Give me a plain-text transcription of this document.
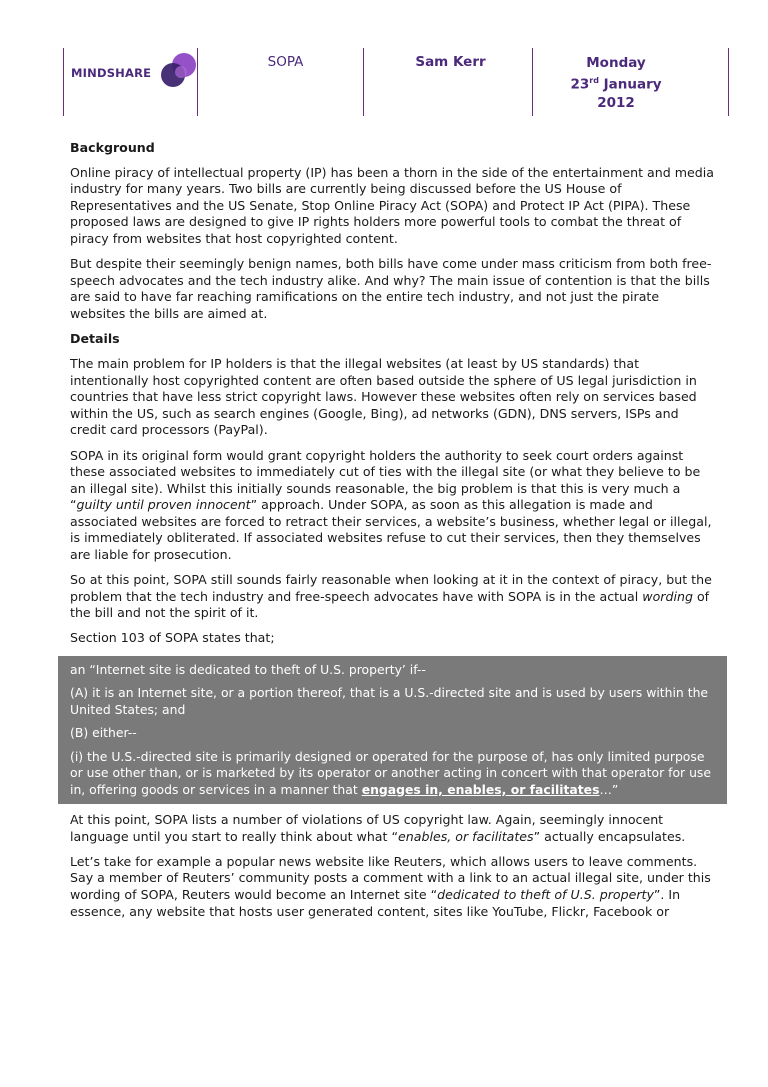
MINDSHARE
SOPA	Sam Kerr	Monday
23rd January
2012
Background

Online piracy of intellectual property (IP) has been a thorn in the side of the entertainment and media industry for many years. Two bills are currently being discussed before the US House of Representatives and the US Senate, Stop Online Piracy Act (SOPA) and Protect IP Act (PIPA). These proposed laws are designed to give IP rights holders more powerful tools to combat the threat of piracy from websites that host copyrighted content.

But despite their seemingly benign names, both bills have come under mass criticism from both free-speech advocates and the tech industry alike. And why? The main issue of contention is that the bills are said to have far reaching ramifications on the entire tech industry, and not just the pirate websites the bills are aimed at.

Details

The main problem for IP holders is that the illegal websites (at least by US standards) that intentionally host copyrighted content are often based outside the sphere of US legal jurisdiction in countries that have less strict copyright laws. However these websites often rely on services based within the US, such as search engines (Google, Bing), ad networks (GDN), DNS servers, ISPs and credit card processors (PayPal).

SOPA in its original form would grant copyright holders the authority to seek court orders against these associated websites to immediately cut of ties with the illegal site (or what they believe to be an illegal site). Whilst this initially sounds reasonable, the big problem is that this is very much a “guilty until proven innocent” approach. Under SOPA, as soon as this allegation is made and associated websites are forced to retract their services, a website’s business, whether legal or illegal, is immediately obliterated. If associated websites refuse to cut their services, then they themselves are liable for prosecution.

So at this point, SOPA still sounds fairly reasonable when looking at it in the context of piracy, but the problem that the tech industry and free-speech advocates have with SOPA is in the actual wording of the bill and not the spirit of it.

Section 103 of SOPA states that;

an “Internet site is dedicated to theft of U.S. property’ if--

(A) it is an Internet site, or a portion thereof, that is a U.S.-directed site and is used by users within the United States; and

(B) either--

(i) the U.S.-directed site is primarily designed or operated for the purpose of, has only limited purpose or use other than, or is marketed by its operator or another acting in concert with that operator for use in, offering goods or services in a manner that engages in, enables, or facilitates…”

At this point, SOPA lists a number of violations of US copyright law. Again, seemingly innocent language until you start to really think about what “enables, or facilitates” actually encapsulates.

Let’s take for example a popular news website like Reuters, which allows users to leave comments. Say a member of Reuters’ community posts a comment with a link to an actual illegal site, under this wording of SOPA, Reuters would become an Internet site “dedicated to theft of U.S. property”. In essence, any website that hosts user generated content, sites like YouTube, Flickr, Facebook or
